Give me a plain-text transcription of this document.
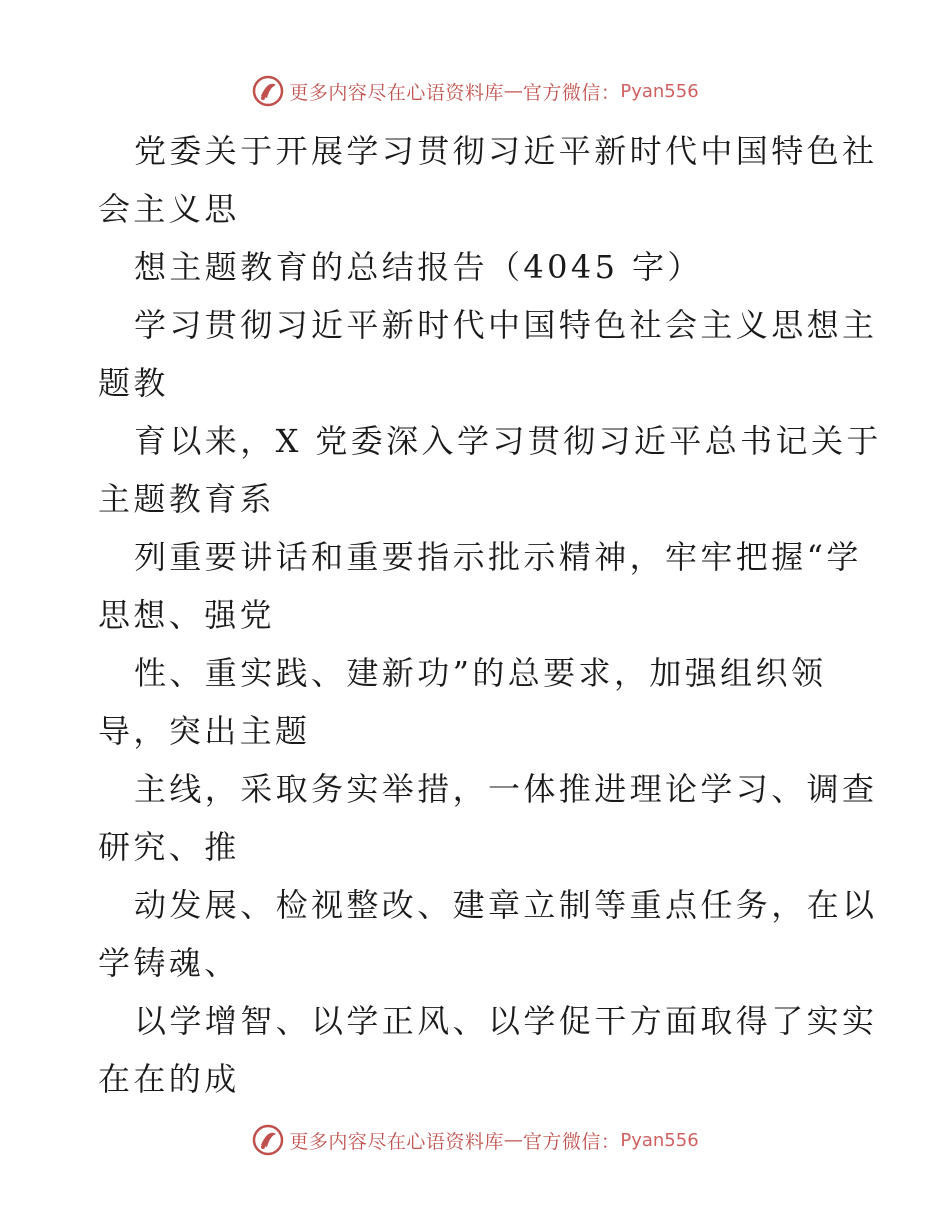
更多内容尽在心语资料库 — 官方微信： Pyan556
党委关于开展学习贯彻习近平新时代中国特色社
会主义思
想主题教育的总结报告（4045 字）
学习贯彻习近平新时代中国特色社会主义思想主
题教
育以来，X 党委深入学习贯彻习近平总书记关于
主题教育系
列重要讲话和重要指示批示精神，牢牢把握“学
思想、强党
性、重实践、建新功”的总要求，加强组织领
导，突出主题
主线，采取务实举措，一体推进理论学习、调查
研究、推
动发展、检视整改、建章立制等重点任务，在以
学铸魂、
以学增智、以学正风、以学促干方面取得了实实
在在的成
更多内容尽在心语资料库 — 官方微信： Pyan556
